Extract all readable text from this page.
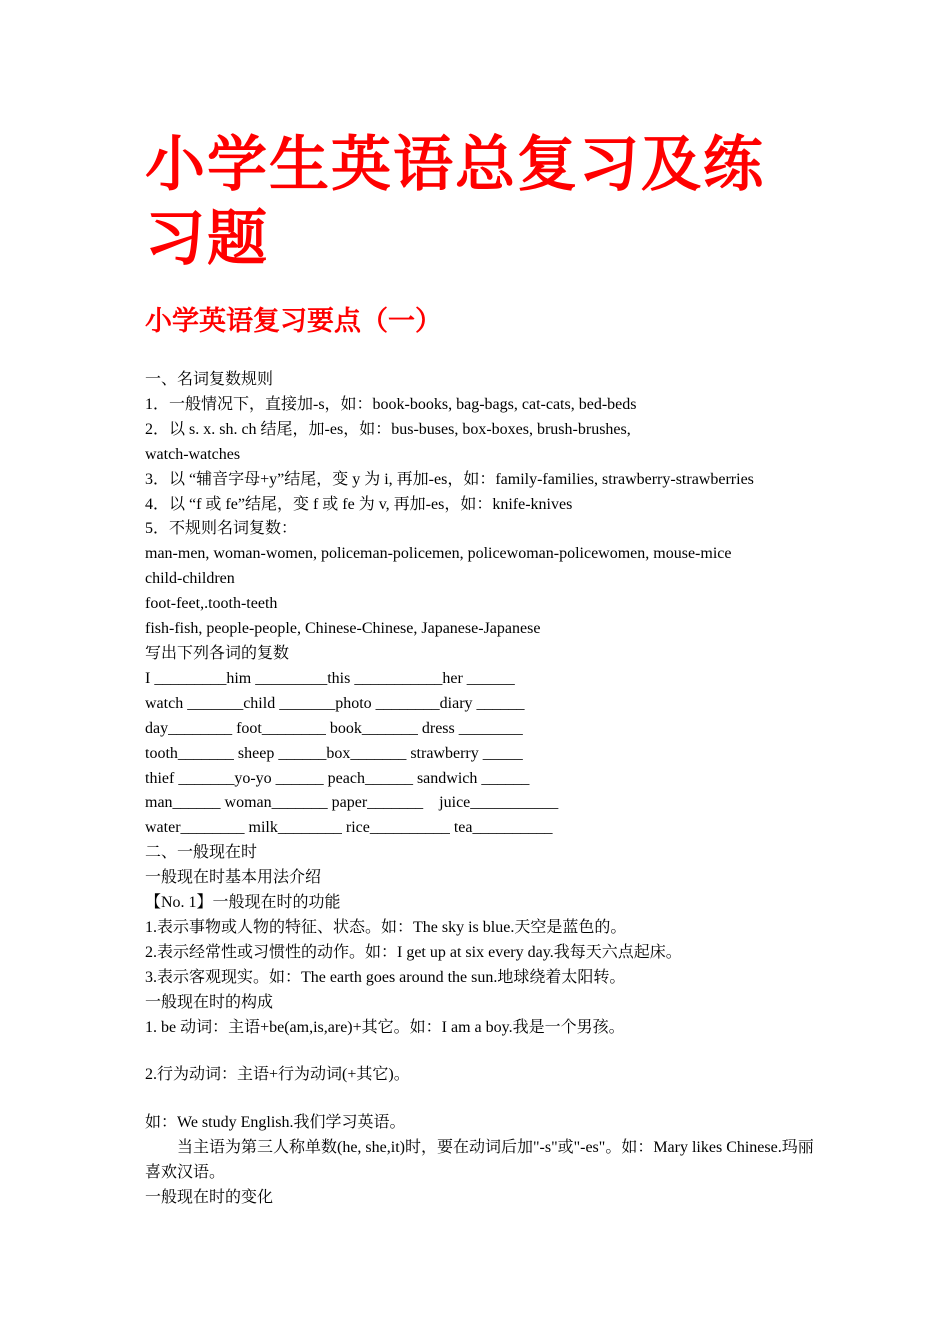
小学生英语总复习及练习题
小学英语复习要点（一）
一、名词复数规则
1．一般情况下，直接加-s，如：book-books, bag-bags, cat-cats, bed-beds
2．以 s. x. sh. ch 结尾，加-es，如：bus-buses, box-boxes, brush-brushes,
watch-watches
3．以 “辅音字母+y”结尾，变 y 为 i, 再加-es，如：family-families, strawberry-strawberries
4．以 “f 或 fe”结尾，变 f 或 fe 为 v, 再加-es，如：knife-knives
5．不规则名词复数：
man-men, woman-women, policeman-policemen, policewoman-policewomen, mouse-mice
child-children
foot-feet,.tooth-teeth
fish-fish, people-people, Chinese-Chinese, Japanese-Japanese
写出下列各词的复数
I _________him _________this ___________her ______
watch _______child _______photo ________diary ______
day________ foot________ book_______ dress ________
tooth_______ sheep ______box_______ strawberry _____
thief _______yo-yo ______ peach______ sandwich ______
man______ woman_______ paper_______    juice___________
water________ milk________ rice__________ tea__________
二、一般现在时
一般现在时基本用法介绍
【No. 1】一般现在时的功能
1.表示事物或人物的特征、状态。如：The sky is blue.天空是蓝色的。
2.表示经常性或习惯性的动作。如：I get up at six every day.我每天六点起床。
3.表示客观现实。如：The earth goes around the sun.地球绕着太阳转。
一般现在时的构成
1. be 动词：主语+be(am,is,are)+其它。如：I am a boy.我是一个男孩。
2.行为动词：主语+行为动词(+其它)。
如：We study English.我们学习英语。
　　当主语为第三人称单数(he, she,it)时，要在动词后加"-s"或"-es"。如：Mary likes Chinese.玛丽喜欢汉语。
一般现在时的变化
